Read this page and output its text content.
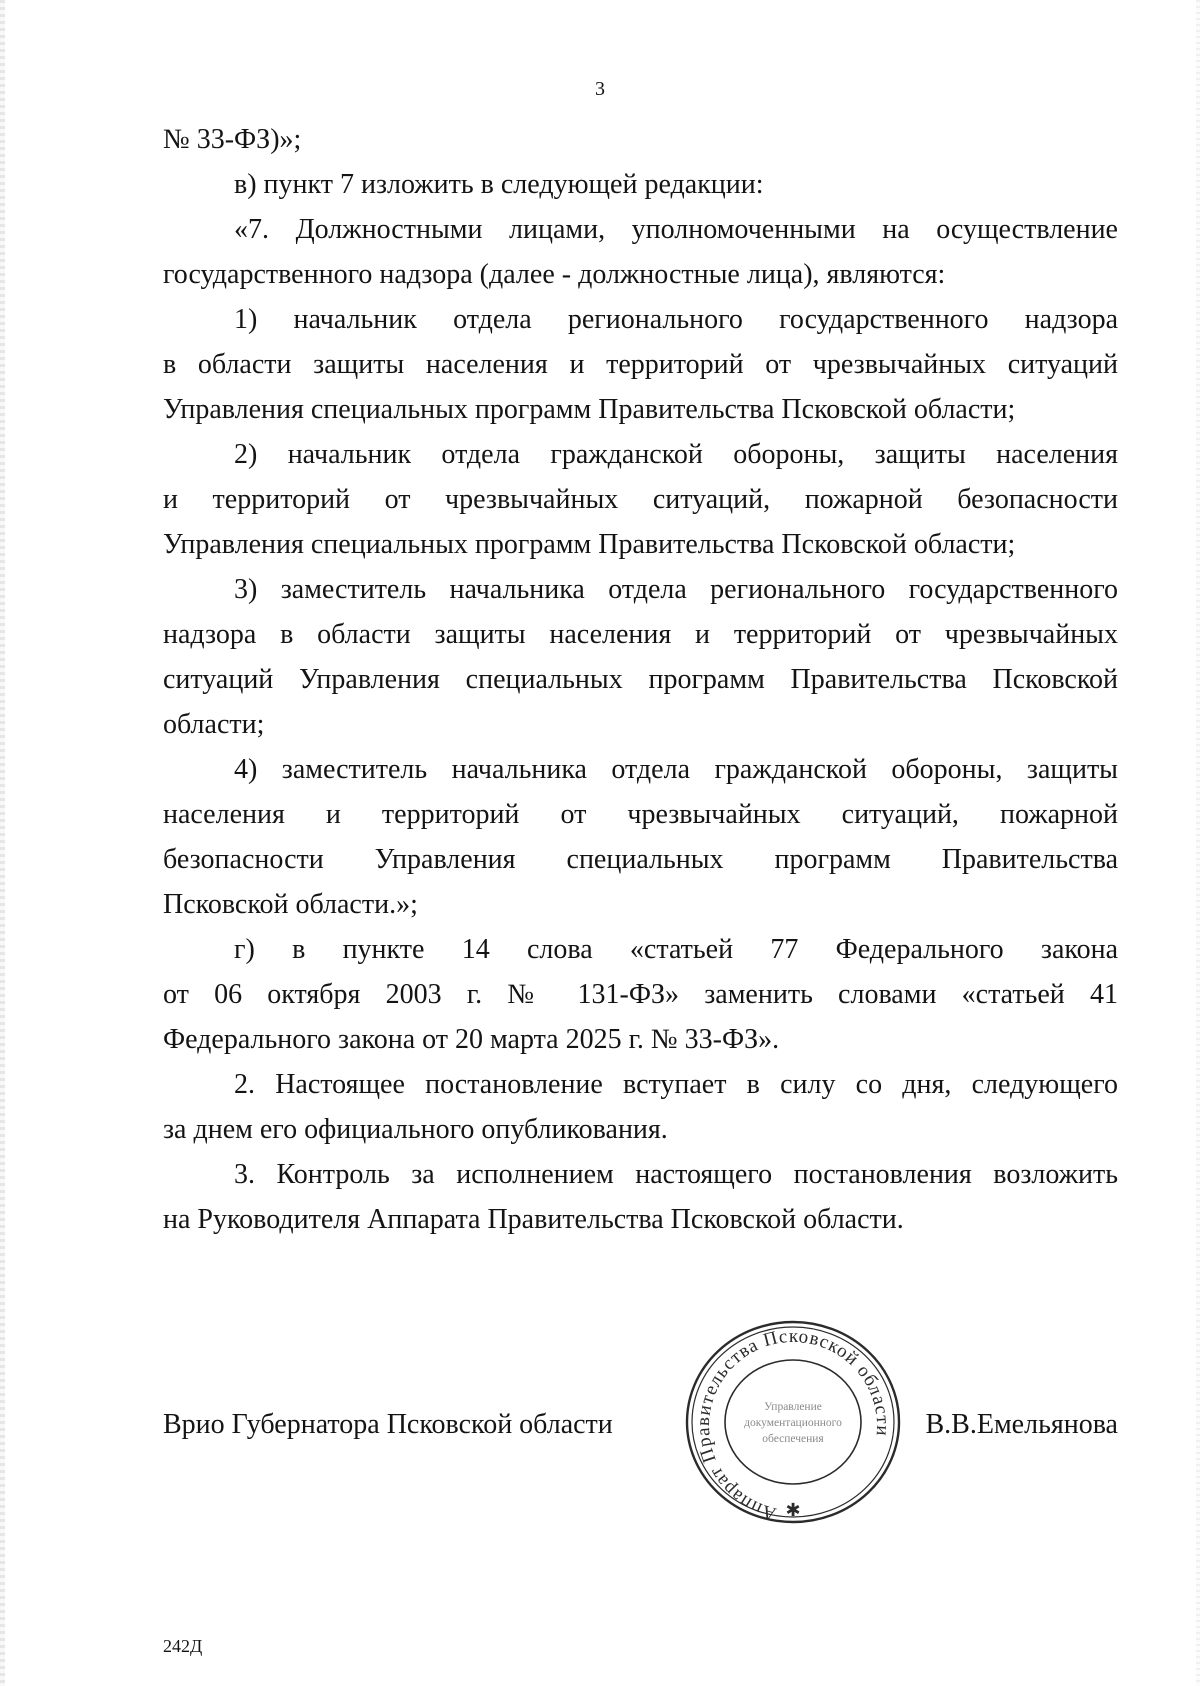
3
№ 33-ФЗ)»;
в) пункт 7 изложить в следующей редакции:
«7. Должностными лицами, уполномоченными на осуществление
государственного надзора (далее - должностные лица), являются:
1) начальник отдела регионального государственного надзора
в области защиты населения и территорий от чрезвычайных ситуаций
Управления специальных программ Правительства Псковской области;
2) начальник отдела гражданской обороны, защиты населения
и территорий от чрезвычайных ситуаций, пожарной безопасности
Управления специальных программ Правительства Псковской области;
3) заместитель начальника отдела регионального государственного
надзора в области защиты населения и территорий от чрезвычайных
ситуаций Управления специальных программ Правительства Псковской
области;
4) заместитель начальника отдела гражданской обороны, защиты
населения и территорий от чрезвычайных ситуаций, пожарной
безопасности Управления специальных программ Правительства
Псковской области.»;
г) в пункте 14 слова «статьей 77 Федерального закона
от 06 октября 2003 г. № 131-ФЗ» заменить словами «статьей 41
Федерального закона от 20 марта 2025 г. № 33-ФЗ».
2. Настоящее постановление вступает в силу со дня, следующего
за днем его официального опубликования.
3. Контроль за исполнением настоящего постановления возложить
на Руководителя Аппарата Правительства Псковской области.
Врио Губернатора Псковской области
Аппарат Правительства Псковской области
✱
Управление
документационного
обеспечения	В.В.Емельянова
242Д
